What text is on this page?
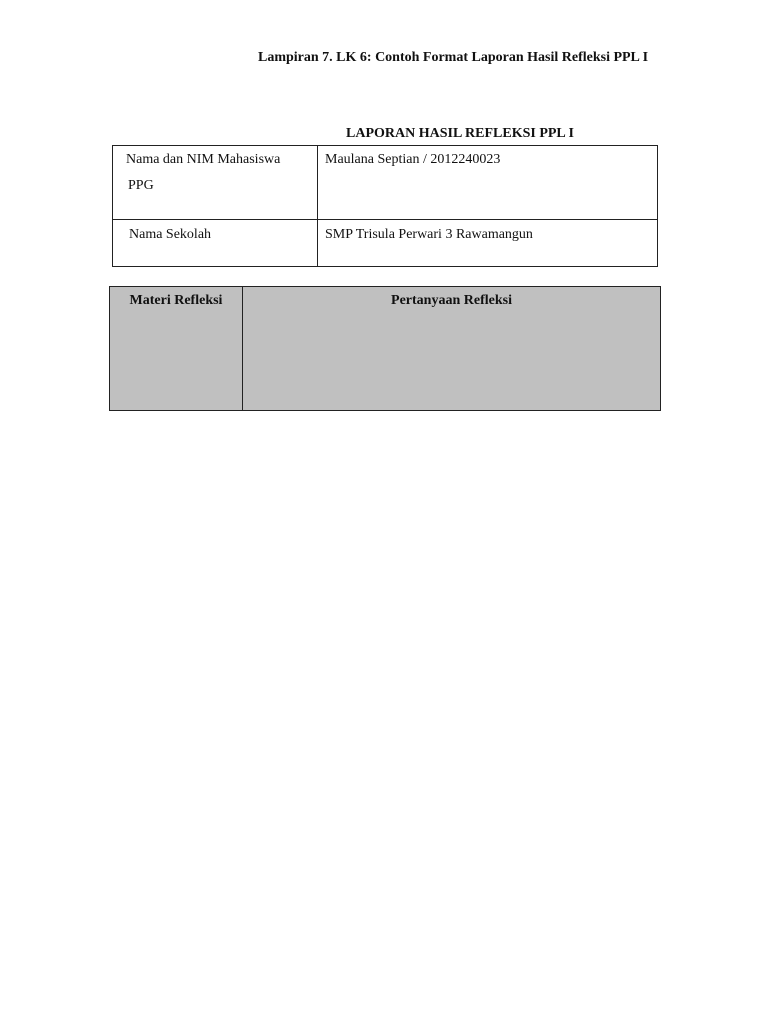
Lampiran 7. LK 6: Contoh Format Laporan Hasil Refleksi PPL I
LAPORAN HASIL REFLEKSI PPL I
Nama dan NIM Mahasiswa
PPG
Maulana Septian / 2012240023
Nama Sekolah	SMP Trisula Perwari 3 Rawamangun
Materi Refleksi	Pertanyaan Refleksi
